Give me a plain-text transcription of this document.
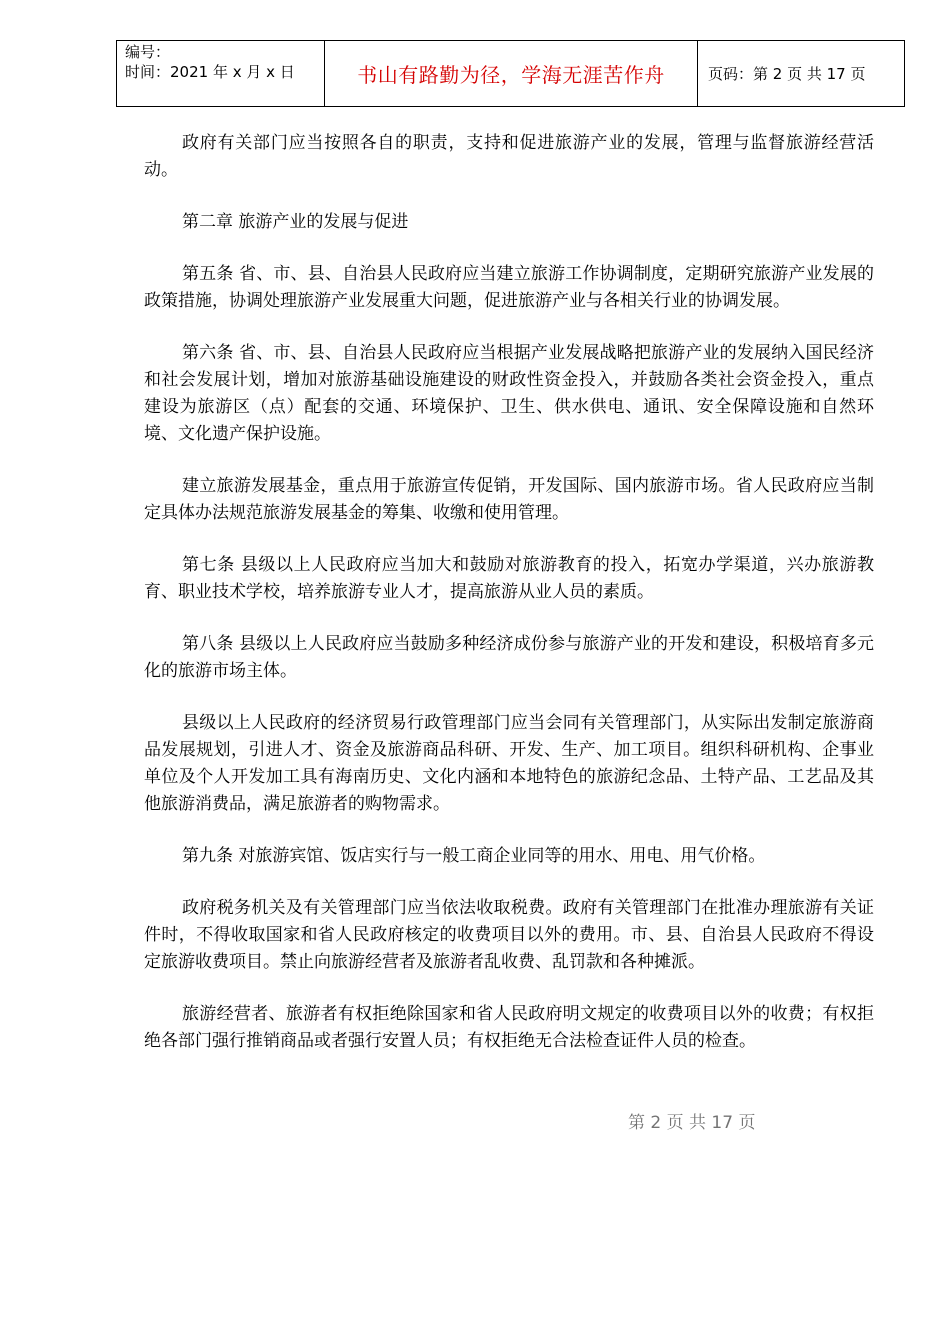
编号：
时间：2021 年 x 月 x 日	书山有路勤为径，学海无涯苦作舟	页码：第 2 页 共 17 页

政府有关部门应当按照各自的职责，支持和促进旅游产业的发展，管理与监督旅游经营活动。

第二章 旅游产业的发展与促进

第五条 省、市、县、自治县人民政府应当建立旅游工作协调制度，定期研究旅游产业发展的政策措施，协调处理旅游产业发展重大问题，促进旅游产业与各相关行业的协调发展。

第六条 省、市、县、自治县人民政府应当根据产业发展战略把旅游产业的发展纳入国民经济和社会发展计划，增加对旅游基础设施建设的财政性资金投入，并鼓励各类社会资金投入，重点建设为旅游区（点）配套的交通、环境保护、卫生、供水供电、通讯、安全保障设施和自然环境、文化遗产保护设施。

建立旅游发展基金，重点用于旅游宣传促销，开发国际、国内旅游市场。省人民政府应当制定具体办法规范旅游发展基金的筹集、收缴和使用管理。

第七条 县级以上人民政府应当加大和鼓励对旅游教育的投入，拓宽办学渠道，兴办旅游教育、职业技术学校，培养旅游专业人才，提高旅游从业人员的素质。

第八条 县级以上人民政府应当鼓励多种经济成份参与旅游产业的开发和建设，积极培育多元化的旅游市场主体。

县级以上人民政府的经济贸易行政管理部门应当会同有关管理部门，从实际出发制定旅游商品发展规划，引进人才、资金及旅游商品科研、开发、生产、加工项目。组织科研机构、企事业单位及个人开发加工具有海南历史、文化内涵和本地特色的旅游纪念品、土特产品、工艺品及其他旅游消费品，满足旅游者的购物需求。

第九条 对旅游宾馆、饭店实行与一般工商企业同等的用水、用电、用气价格。

政府税务机关及有关管理部门应当依法收取税费。政府有关管理部门在批准办理旅游有关证件时，不得收取国家和省人民政府核定的收费项目以外的费用。市、县、自治县人民政府不得设定旅游收费项目。禁止向旅游经营者及旅游者乱收费、乱罚款和各种摊派。

旅游经营者、旅游者有权拒绝除国家和省人民政府明文规定的收费项目以外的收费；有权拒绝各部门强行推销商品或者强行安置人员；有权拒绝无合法检查证件人员的检查。

第 2 页 共 17 页
